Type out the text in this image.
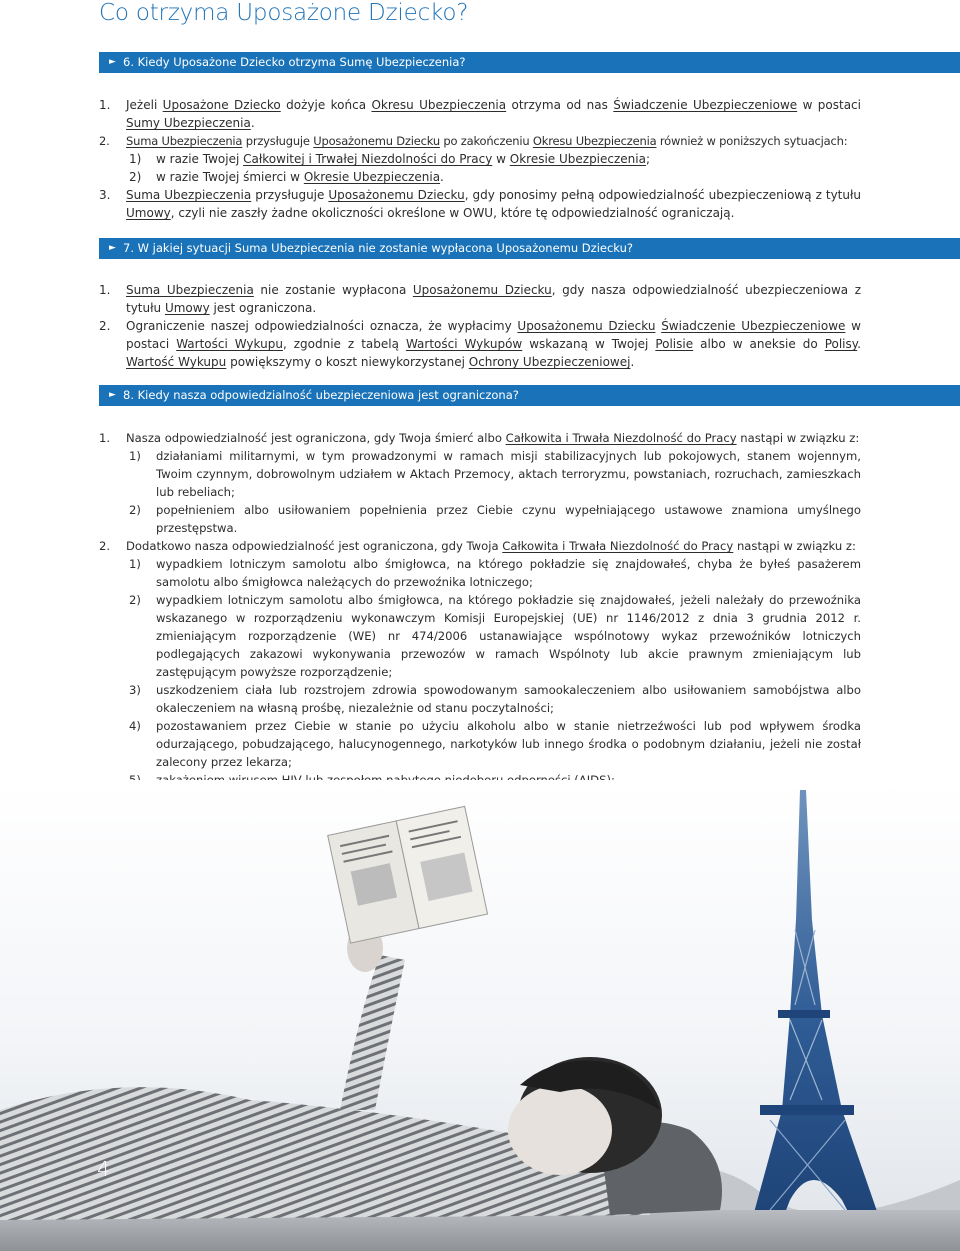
Co otrzyma Uposażone Dziecko?
► 6. Kiedy Uposażone Dziecko otrzyma Sumę Ubezpieczenia?

1. Jeżeli Uposażone Dziecko dożyje końca Okresu Ubezpieczenia otrzyma od nas Świadczenie Ubezpieczeniowe w postaci Sumy Ubezpieczenia.

2. Suma Ubezpieczenia przysługuje Uposażonemu Dziecku po zakończeniu Okresu Ubezpieczenia również w poniższych sytuacjach:

1) w razie Twojej Całkowitej i Trwałej Niezdolności do Pracy w Okresie Ubezpieczenia;

2) w razie Twojej śmierci w Okresie Ubezpieczenia.

3. Suma Ubezpieczenia przysługuje Uposażonemu Dziecku, gdy ponosimy pełną odpowiedzialność ubezpieczeniową z tytułu Umowy, czyli nie zaszły żadne okoliczności określone w OWU, które tę odpowiedzialność ograniczają.

► 7. W jakiej sytuacji Suma Ubezpieczenia nie zostanie wypłacona Uposażonemu Dziecku?

1. Suma Ubezpieczenia nie zostanie wypłacona Uposażonemu Dziecku, gdy nasza odpowiedzialność ubezpieczeniowa z tytułu Umowy jest ograniczona.

2. Ograniczenie naszej odpowiedzialności oznacza, że wypłacimy Uposażonemu Dziecku Świadczenie Ubezpieczeniowe w postaci Wartości Wykupu, zgodnie z tabelą Wartości Wykupów wskazaną w Twojej Polisie albo w aneksie do Polisy. Wartość Wykupu powiększymy o koszt niewykorzystanej Ochrony Ubezpieczeniowej.

► 8. Kiedy nasza odpowiedzialność ubezpieczeniowa jest ograniczona?

1. Nasza odpowiedzialność jest ograniczona, gdy Twoja śmierć albo Całkowita i Trwała Niezdolność do Pracy nastąpi w związku z:

1) działaniami militarnymi, w tym prowadzonymi w ramach misji stabilizacyjnych lub pokojowych, stanem wojennym, Twoim czynnym, dobrowolnym udziałem w Aktach Przemocy, aktach terroryzmu, powstaniach, rozruchach, zamieszkach lub rebeliach;

2) popełnieniem albo usiłowaniem popełnienia przez Ciebie czynu wypełniającego ustawowe znamiona umyślnego przestępstwa.

2. Dodatkowo nasza odpowiedzialność jest ograniczona, gdy Twoja Całkowita i Trwała Niezdolność do Pracy nastąpi w związku z:

1) wypadkiem lotniczym samolotu albo śmigłowca, na którego pokładzie się znajdowałeś, chyba że byłeś pasażerem samolotu albo śmigłowca należących do przewoźnika lotniczego;

2) wypadkiem lotniczym samolotu albo śmigłowca, na którego pokładzie się znajdowałeś, jeżeli należały do przewoźnika wskazanego w rozporządzeniu wykonawczym Komisji Europejskiej (UE) nr 1146/2012 z dnia 3 grudnia 2012 r. zmieniającym rozporządzenie (WE) nr 474/2006 ustanawiające wspólnotowy wykaz przewoźników lotniczych podlegających zakazowi wykonywania przewozów w ramach Wspólnoty lub akcie prawnym zmieniającym lub zastępującym powyższe rozporządzenie;

3) uszkodzeniem ciała lub rozstrojem zdrowia spowodowanym samookaleczeniem albo usiłowaniem samobójstwa albo okaleczeniem na własną prośbę, niezależnie od stanu poczytalności;

4) pozostawaniem przez Ciebie w stanie po użyciu alkoholu albo w stanie nietrzeźwości lub pod wpływem środka odurzającego, pobudzającego, halucynogennego, narkotyków lub innego środka o podobnym działaniu, jeżeli nie został zalecony przez lekarza;

4
